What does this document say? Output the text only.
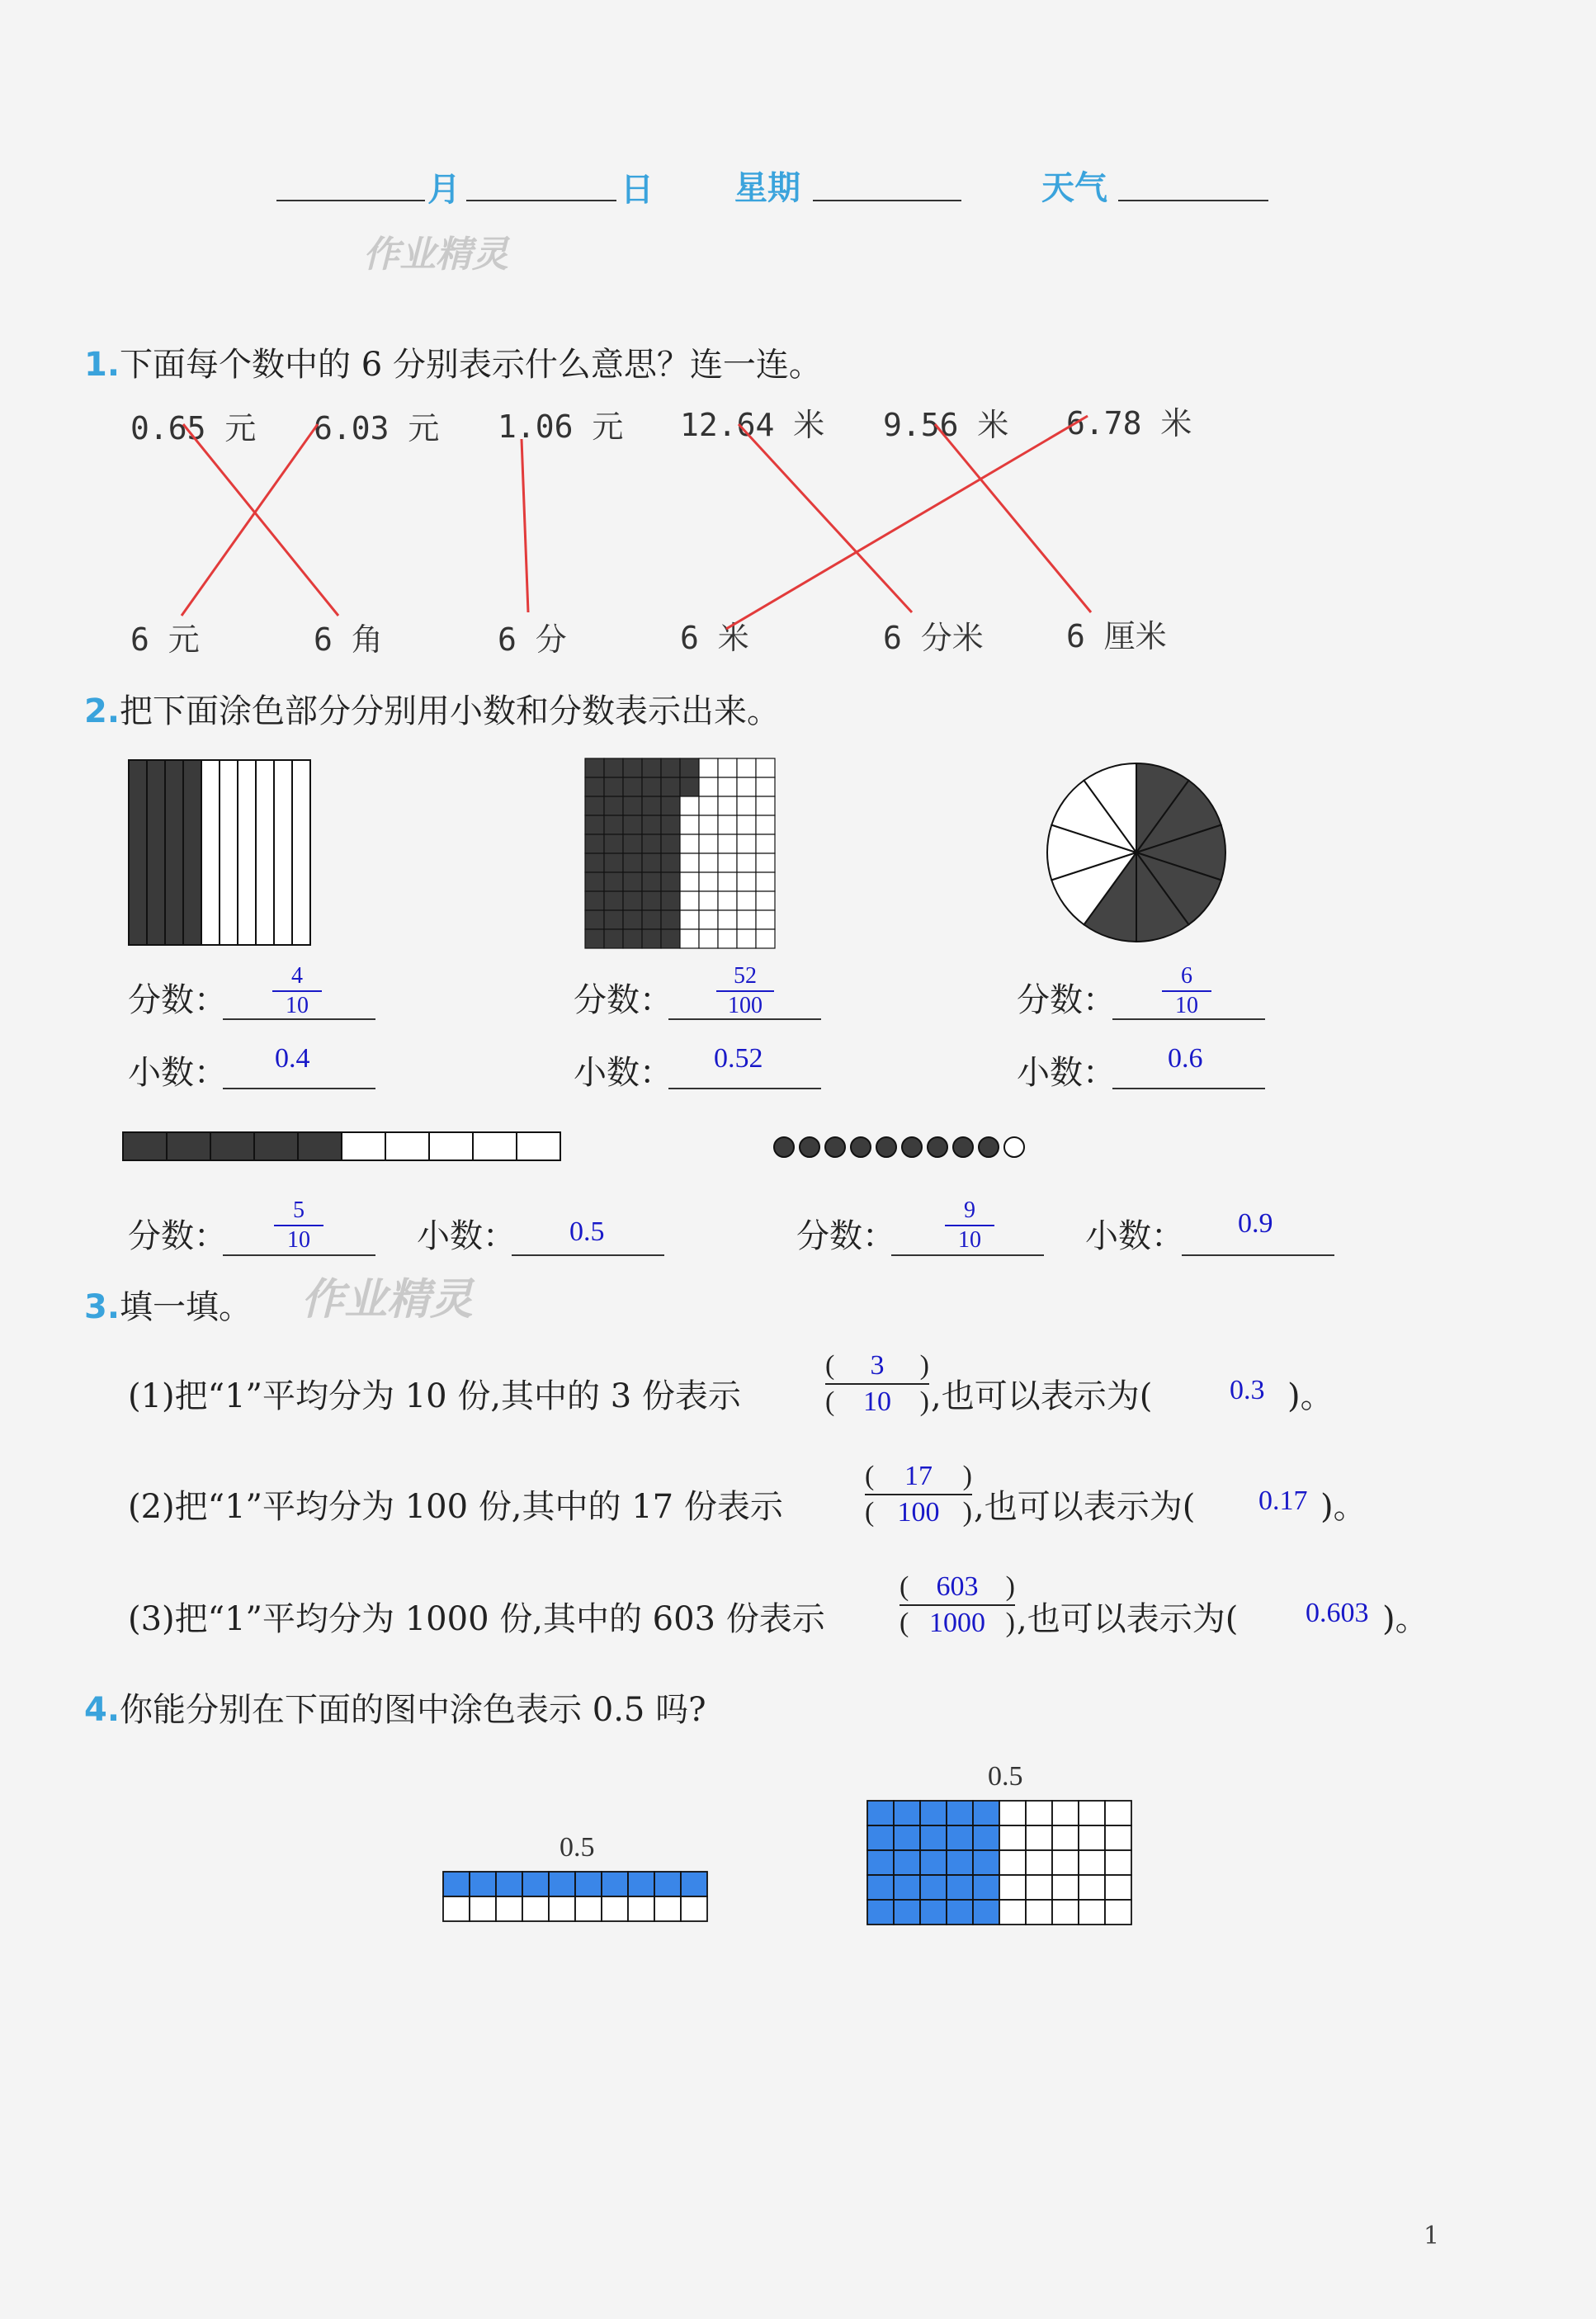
月	日 星期	天气
作业精灵
1.下面每个数中的 6 分别表示什么意思？连一连。
0.65 元 6.03 元 1.06 元 12.64 米 9.56 米 6.78 米
6 元	6 角	6 分	6 米	6 分米	6 厘米
2.把下面涂色部分分别用小数和分数表示出来。
分数：
4
10
小数： 0.4
分数：
52
100
小数： 0.52
分数：
6
10
小数： 0.6
分数：
5
10	小数： 0.5	分数：
9
10	小数： 0.9
3.填一填。 作业精灵
(1)把“1”平均分为 10 份,其中的 3 份表示
( 3 )
( 10 ) ,也可以表示为(	0.3 )。
(2)把“1”平均分为 100 份,其中的 17 份表示
( 17 )
( 100 ) ,也可以表示为( 0.17 )。
(3)把“1”平均分为 1000 份,其中的 603 份表示
( 603 )
( 1000 ) ,也可以表示为( 0.603 )。
4.你能分别在下面的图中涂色表示 0.5 吗?
0.5
0.5
1
